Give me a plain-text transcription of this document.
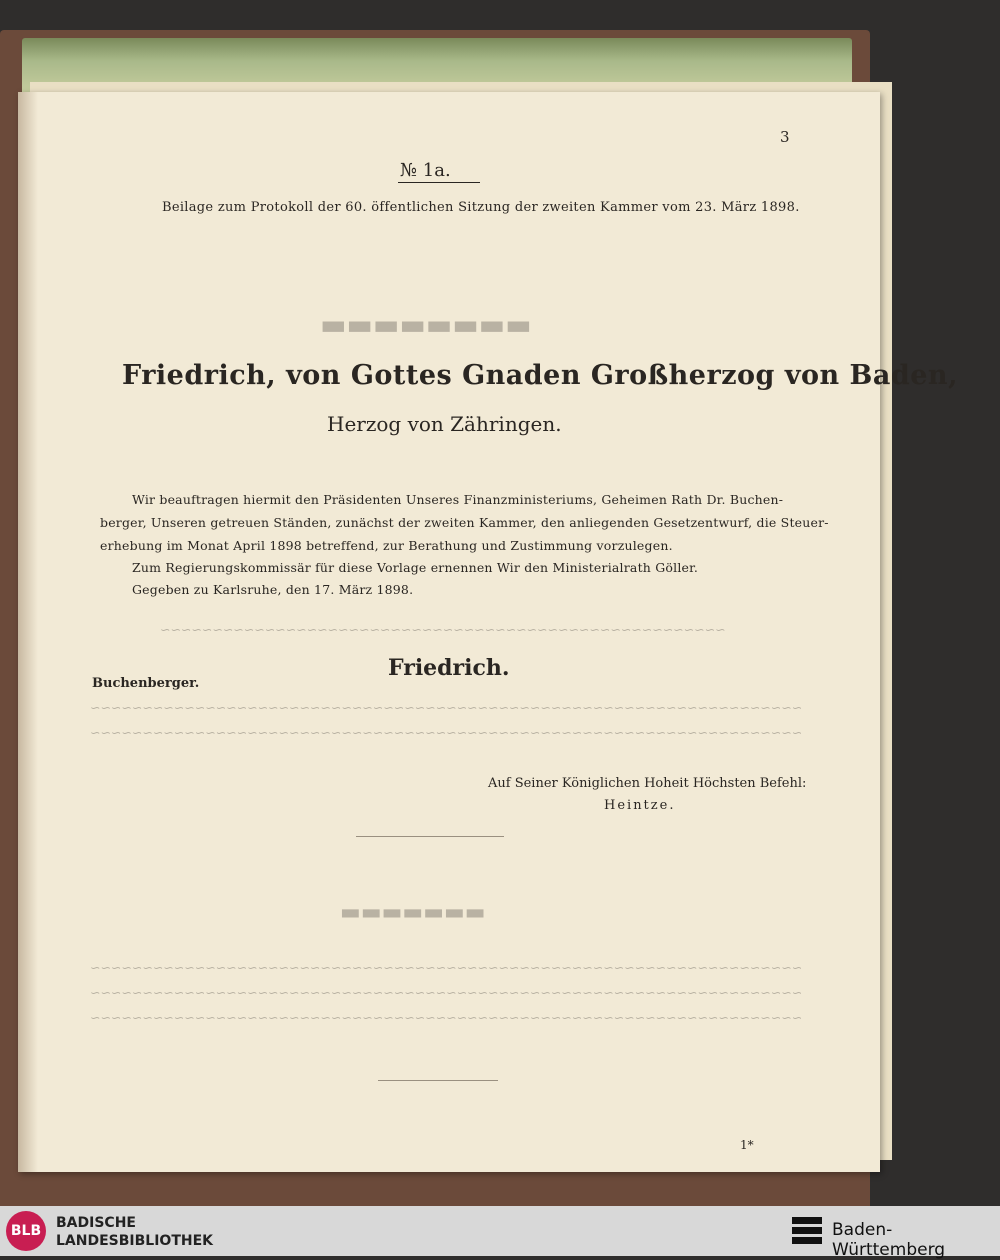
3
№ 1a.
Beilage zum Protokoll der 60. öffentlichen Sitzung der zweiten Kammer vom 23. März 1898.
Friedrich, von Gottes Gnaden Großherzog von Baden,
Herzog von Zähringen.
Wir beauftragen hiermit den Präsidenten Unseres Finanzministeriums, Geheimen Rath Dr. Buchen-
berger, Unseren getreuen Ständen, zunächst der zweiten Kammer, den anliegenden Gesetzentwurf, die Steuer-
erhebung im Monat April 1898 betreffend, zur Berathung und Zustimmung vorzulegen.
Zum Regierungskommissär für diese Vorlage ernennen Wir den Ministerialrath Göller.
Gegeben zu Karlsruhe, den 17. März 1898.
Friedrich.
Buchenberger.
Auf Seiner Königlichen Hoheit Höchsten Befehl:
Heintze.
▬▬▬▬▬▬▬▬
~~~~~~~~~~~~~~~~~~~~~~~~~~~~~~~~~~~~~~~~~~~~~~~~~~~~~~
~~~~~~~~~~~~~~~~~~~~~~~~~~~~~~~~~~~~~~~~~~~~~~~~~~~~~~~~~~~~~~~~~~~~
~~~~~~~~~~~~~~~~~~~~~~~~~~~~~~~~~~~~~~~~~~~~~~~~~~~~~~~~~~~~~~~~~~~~
▬▬▬▬▬▬▬
~~~~~~~~~~~~~~~~~~~~~~~~~~~~~~~~~~~~~~~~~~~~~~~~~~~~~~~~~~~~~~~~~~~~
~~~~~~~~~~~~~~~~~~~~~~~~~~~~~~~~~~~~~~~~~~~~~~~~~~~~~~~~~~~~~~~~~~~~
~~~~~~~~~~~~~~~~~~~~~~~~~~~~~~~~~~~~~~~~~~~~~~~~~~~~~~~~~~~~~~~~~~~~
1*
BLB	BADISCHE
LANDESBIBLIOTHEK
Baden-Württemberg
